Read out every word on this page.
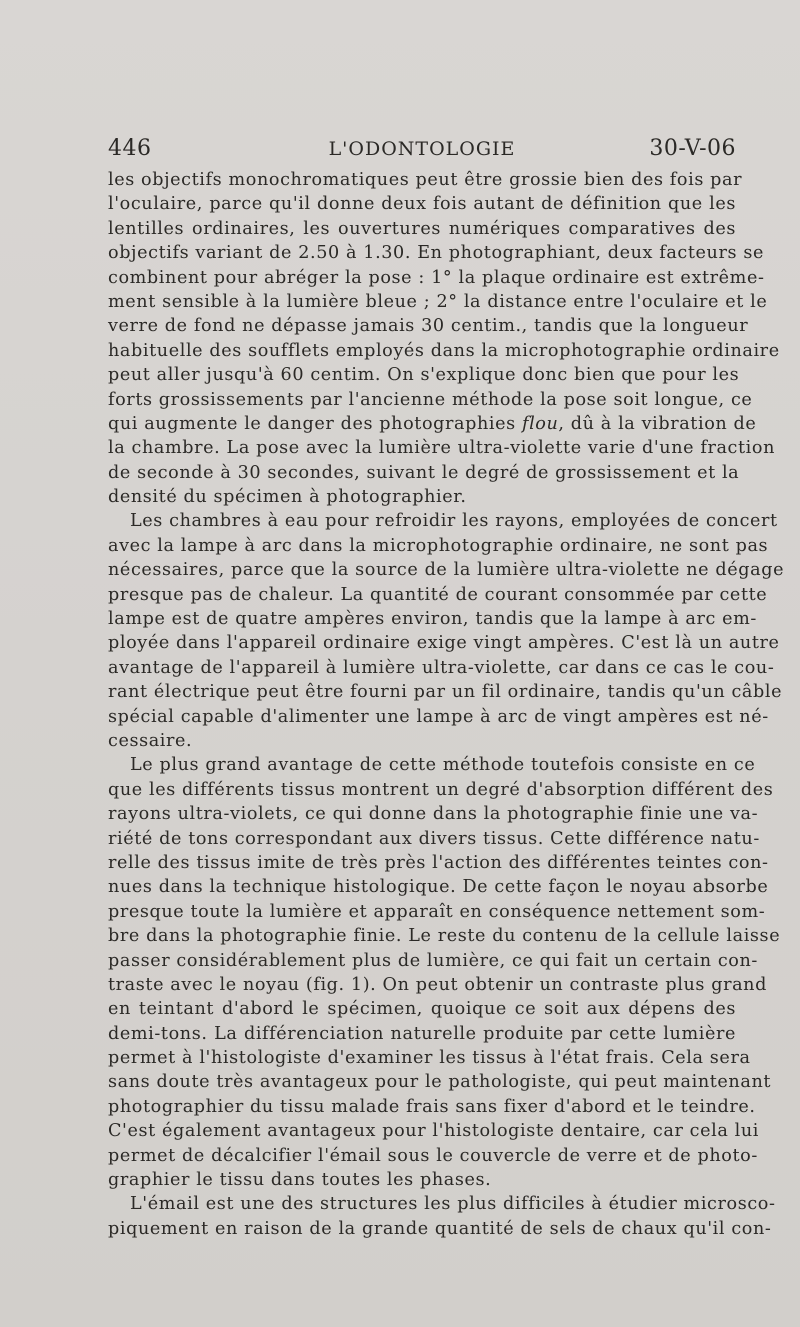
446	L'ODONTOLOGIE	30-V-06
les objectifs monochromatiques peut être grossie bien des fois par
l'oculaire, parce qu'il donne deux fois autant de définition que les
lentilles ordinaires, les ouvertures numériques comparatives des
objectifs variant de 2.50 à 1.30. En photographiant, deux facteurs se
combinent pour abréger la pose : 1° la plaque ordinaire est extrême-
ment sensible à la lumière bleue ; 2° la distance entre l'oculaire et le
verre de fond ne dépasse jamais 30 centim., tandis que la longueur
habituelle des soufflets employés dans la microphotographie ordinaire
peut aller jusqu'à 60 centim. On s'explique donc bien que pour les
forts grossissements par l'ancienne méthode la pose soit longue, ce
qui augmente le danger des photographies flou, dû à la vibration de
la chambre. La pose avec la lumière ultra-violette varie d'une fraction
de seconde à 30 secondes, suivant le degré de grossissement et la
densité du spécimen à photographier.
Les chambres à eau pour refroidir les rayons, employées de concert
avec la lampe à arc dans la microphotographie ordinaire, ne sont pas
nécessaires, parce que la source de la lumière ultra-violette ne dégage
presque pas de chaleur. La quantité de courant consommée par cette
lampe est de quatre ampères environ, tandis que la lampe à arc em-
ployée dans l'appareil ordinaire exige vingt ampères. C'est là un autre
avantage de l'appareil à lumière ultra-violette, car dans ce cas le cou-
rant électrique peut être fourni par un fil ordinaire, tandis qu'un câble
spécial capable d'alimenter une lampe à arc de vingt ampères est né-
cessaire.
Le plus grand avantage de cette méthode toutefois consiste en ce
que les différents tissus montrent un degré d'absorption différent des
rayons ultra-violets, ce qui donne dans la photographie finie une va-
riété de tons correspondant aux divers tissus. Cette différence natu-
relle des tissus imite de très près l'action des différentes teintes con-
nues dans la technique histologique. De cette façon le noyau absorbe
presque toute la lumière et apparaît en conséquence nettement som-
bre dans la photographie finie. Le reste du contenu de la cellule laisse
passer considérablement plus de lumière, ce qui fait un certain con-
traste avec le noyau (fig. 1). On peut obtenir un contraste plus grand
en teintant d'abord le spécimen, quoique ce soit aux dépens des
demi-tons. La différenciation naturelle produite par cette lumière
permet à l'histologiste d'examiner les tissus à l'état frais. Cela sera
sans doute très avantageux pour le pathologiste, qui peut maintenant
photographier du tissu malade frais sans fixer d'abord et le teindre.
C'est également avantageux pour l'histologiste dentaire, car cela lui
permet de décalcifier l'émail sous le couvercle de verre et de photo-
graphier le tissu dans toutes les phases.
L'émail est une des structures les plus difficiles à étudier microsco-
piquement en raison de la grande quantité de sels de chaux qu'il con-
